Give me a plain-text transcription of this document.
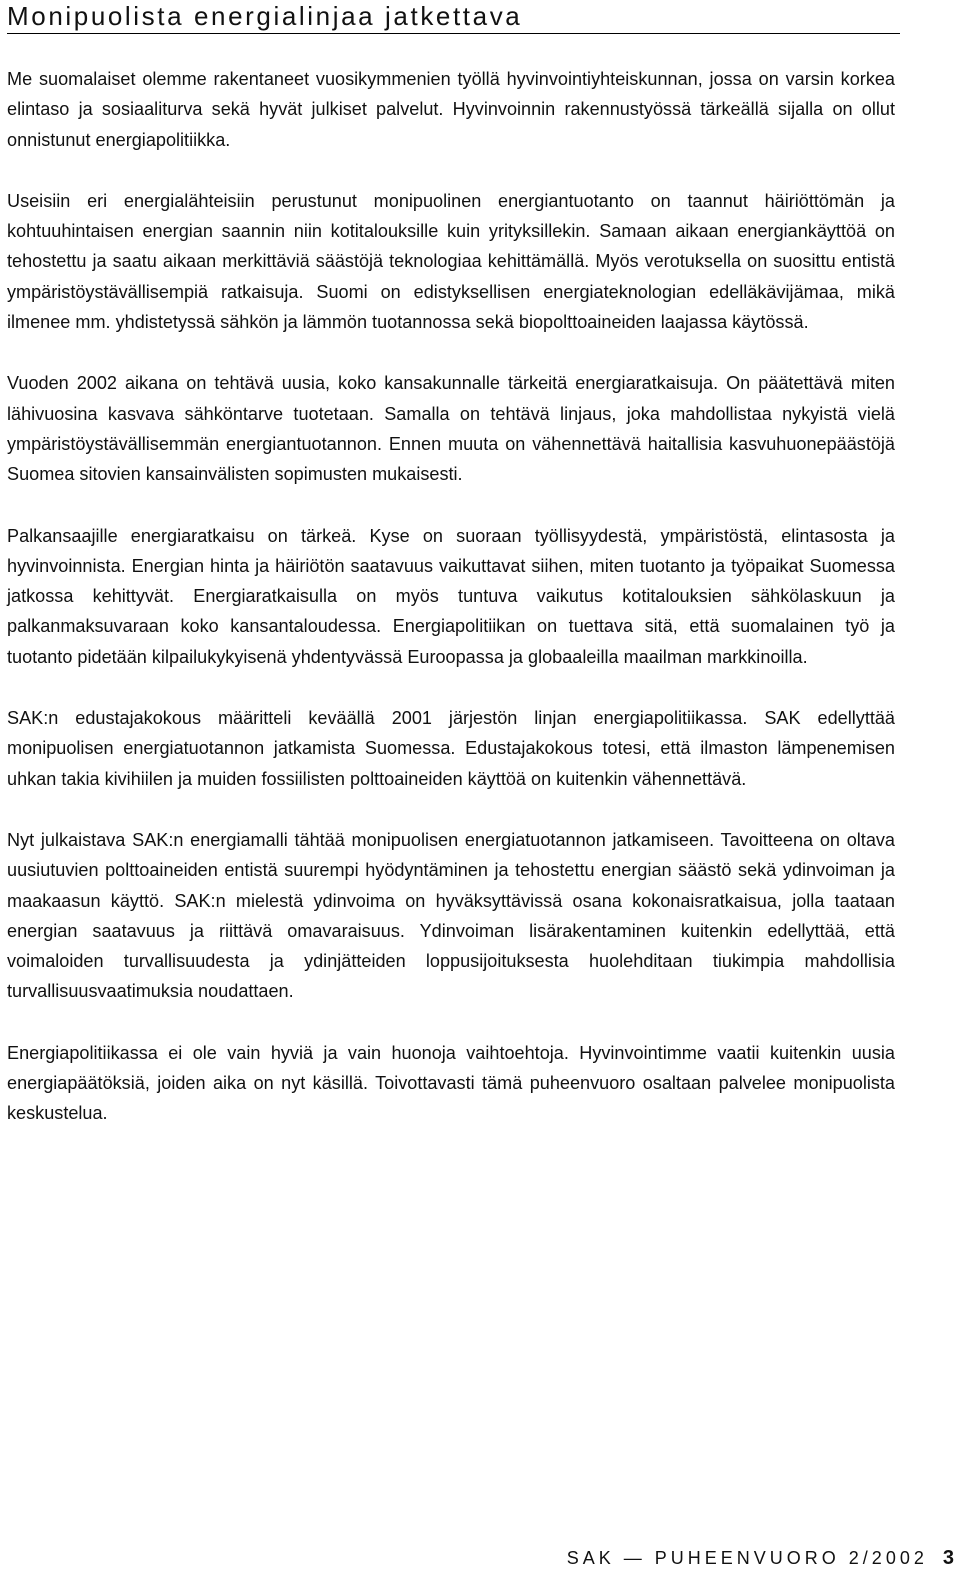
Monipuolista energialinjaa jatkettava

Me suomalaiset olemme rakentaneet vuosikymmenien työllä hyvinvointiyhteiskunnan, jossa on varsin korkea elintaso ja sosiaaliturva sekä hyvät julkiset palvelut. Hyvinvoinnin rakennustyössä tärkeällä sijalla on ollut onnistunut energiapolitiikka.

Useisiin eri energialähteisiin perustunut monipuolinen energiantuotanto on taannut häiriöttömän ja kohtuuhintaisen energian saannin niin kotitalouksille kuin yrityksillekin. Samaan aikaan energiankäyttöä on tehostettu ja saatu aikaan merkittäviä säästöjä teknologiaa kehittämällä. Myös verotuksella on suosittu entistä ympäristöystävällisempiä ratkaisuja. Suomi on edistyksellisen energiateknologian edelläkävijämaa, mikä ilmenee mm. yhdistetyssä sähkön ja lämmön tuotannossa sekä biopolttoaineiden laajassa käytössä.

Vuoden 2002 aikana on tehtävä uusia, koko kansakunnalle tärkeitä energiaratkaisuja. On päätettävä miten lähivuosina kasvava sähköntarve tuotetaan. Samalla on tehtävä linjaus, joka mahdollistaa nykyistä vielä ympäristöystävällisemmän energiantuotannon. Ennen muuta on vähennettävä haitallisia kasvuhuonepäästöjä Suomea sitovien kansainvälisten sopimusten mukaisesti.

Palkansaajille energiaratkaisu on tärkeä. Kyse on suoraan työllisyydestä, ympäristöstä, elintasosta ja hyvinvoinnista. Energian hinta ja häiriötön saatavuus vaikuttavat siihen, miten tuotanto ja työpaikat Suomessa jatkossa kehittyvät. Energiaratkaisulla on myös tuntuva vaikutus kotitalouksien sähkölaskuun ja palkanmaksuvaraan koko kansantaloudessa. Energiapolitiikan on tuettava sitä, että suomalainen työ ja tuotanto pidetään kilpailukykyisenä yhdentyvässä Euroopassa ja globaaleilla maailman markkinoilla.

SAK:n edustajakokous määritteli keväällä 2001 järjestön linjan energiapolitiikassa. SAK edellyttää monipuolisen energiatuotannon jatkamista Suomessa. Edustajakokous totesi, että ilmaston lämpenemisen uhkan takia kivihiilen ja muiden fossiilisten polttoaineiden käyttöä on kuitenkin vähennettävä.

Nyt julkaistava SAK:n energiamalli tähtää monipuolisen energiatuotannon jatkamiseen. Tavoitteena on oltava uusiutuvien polttoaineiden entistä suurempi hyödyntäminen ja tehostettu energian säästö sekä ydinvoiman ja maakaasun käyttö. SAK:n mielestä ydinvoima on hyväksyttävissä osana kokonaisratkaisua, jolla taataan energian saatavuus ja riittävä omavaraisuus. Ydinvoiman lisärakentaminen kuitenkin edellyttää, että voimaloiden turvallisuudesta ja ydinjätteiden loppusijoituksesta huolehditaan tiukimpia mahdollisia turvallisuusvaatimuksia noudattaen.

Energiapolitiikassa ei ole vain hyviä ja vain huonoja vaihtoehtoja. Hyvinvointimme vaatii kuitenkin uusia energiapäätöksiä, joiden aika on nyt käsillä. Toivottavasti tämä puheenvuoro osaltaan palvelee monipuolista keskustelua.

SAK — PUHEENVUORO 2/2002 3
